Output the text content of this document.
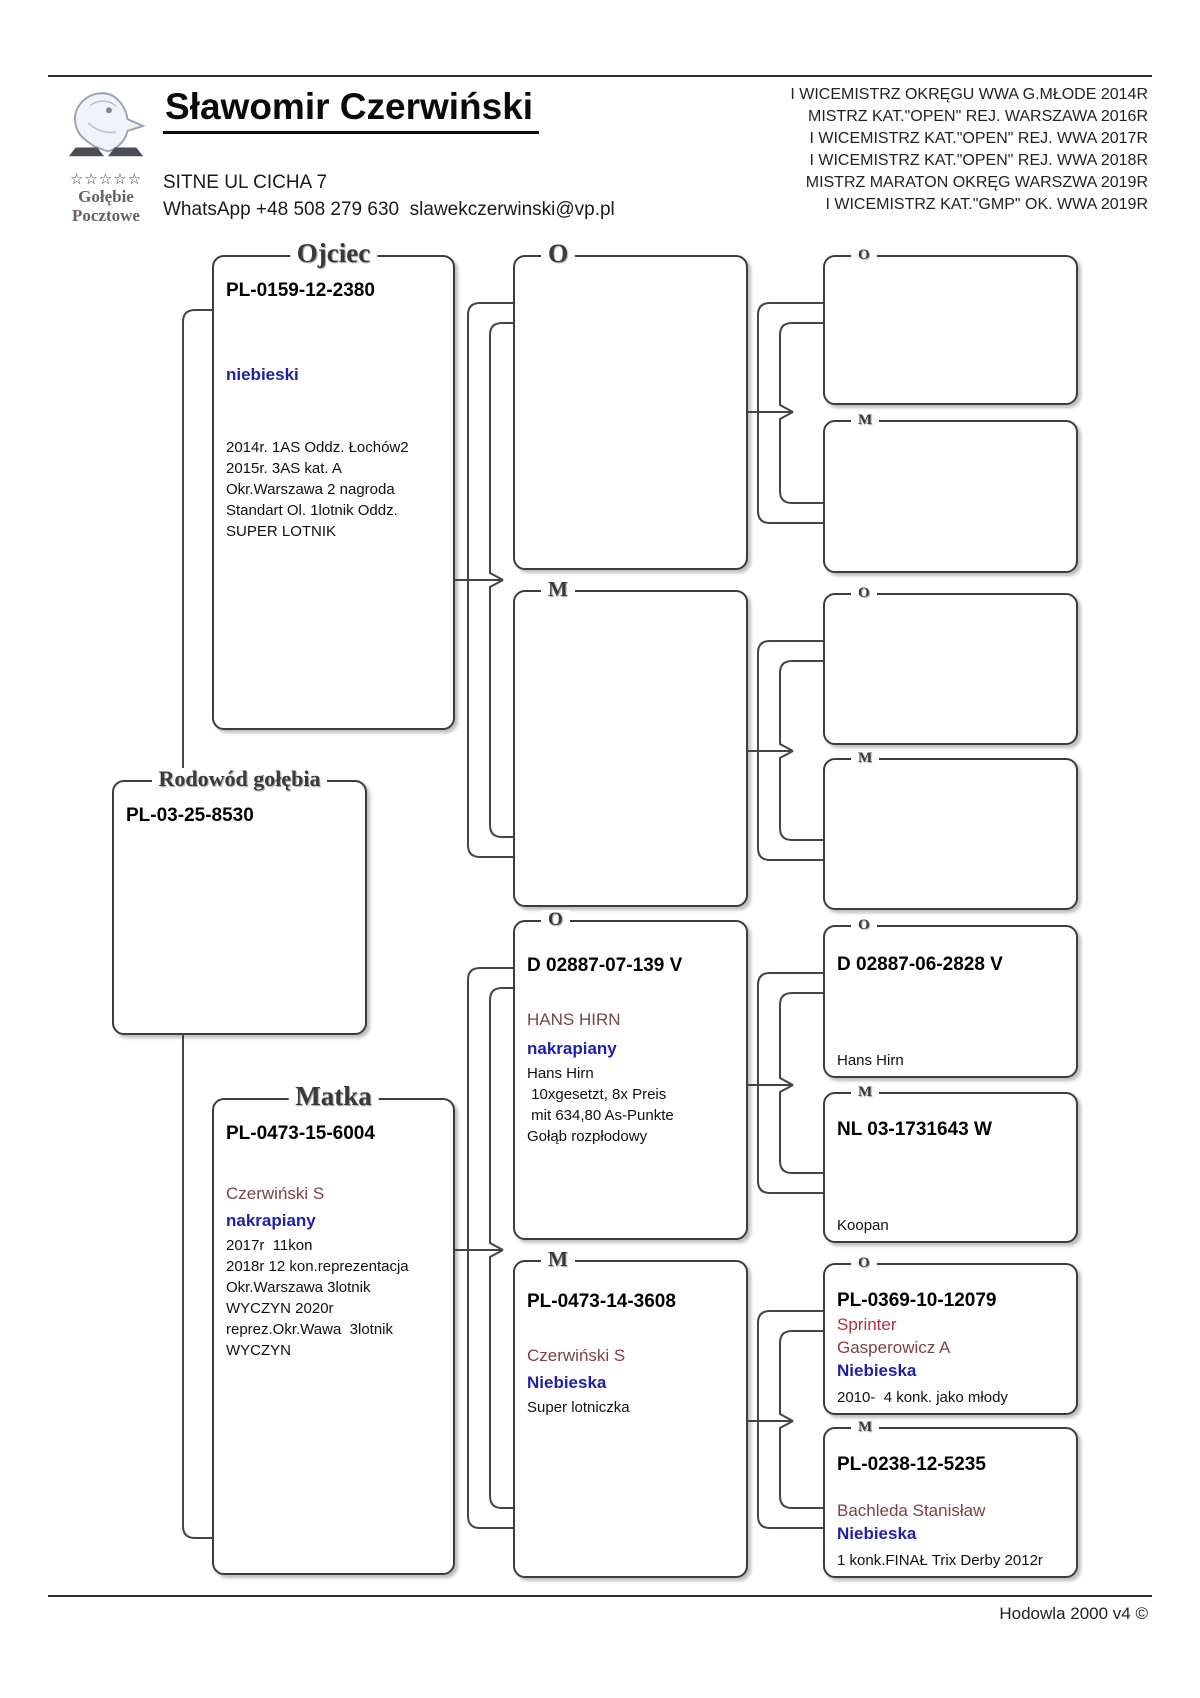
☆☆☆☆☆
Gołębie
Pocztowe
Sławomir Czerwiński
SITNE UL CICHA 7
WhatsApp +48 508 279 630  slawekczerwinski@vp.pl
I WICEMISTRZ OKRĘGU WWA G.MŁODE 2014R
MISTRZ KAT."OPEN" REJ. WARSZAWA 2016R
I WICEMISTRZ KAT."OPEN" REJ. WWA 2017R
I WICEMISTRZ KAT."OPEN" REJ. WWA 2018R
MISTRZ MARATON OKRĘG WARSZWA 2019R
I WICEMISTRZ KAT."GMP" OK. WWA 2019R
Rodowód gołębia
PL-03-25-8530
Ojciec
PL-0159-12-2380
niebieski
2014r. 1AS Oddz. Łochów2
2015r. 3AS kat. A
Okr.Warszawa 2 nagroda
Standart Ol. 1lotnik Oddz.
SUPER LOTNIK
Matka
PL-0473-15-6004
Czerwiński S
nakrapiany
2017r  11kon
2018r 12 kon.reprezentacja
Okr.Warszawa 3lotnik
WYCZYN 2020r
reprez.Okr.Wawa  3lotnik
WYCZYN
O
M
O
D 02887-07-139 V
HANS HIRN
nakrapiany
Hans Hirn
10xgesetzt, 8x Preis
mit 634,80 As-Punkte
Gołąb rozpłodowy
M
PL-0473-14-3608
Czerwiński S
Niebieska
Super lotniczka
O
M
O
M
O
D 02887-06-2828 V
Hans Hirn
M
NL 03-1731643 W
Koopan
O
PL-0369-10-12079
Sprinter
Gasperowicz A
Niebieska
2010-  4 konk. jako młody
M
PL-0238-12-5235
Bachleda Stanisław
Niebieska
1 konk.FINAŁ Trix Derby 2012r
Hodowla 2000 v4 ©
